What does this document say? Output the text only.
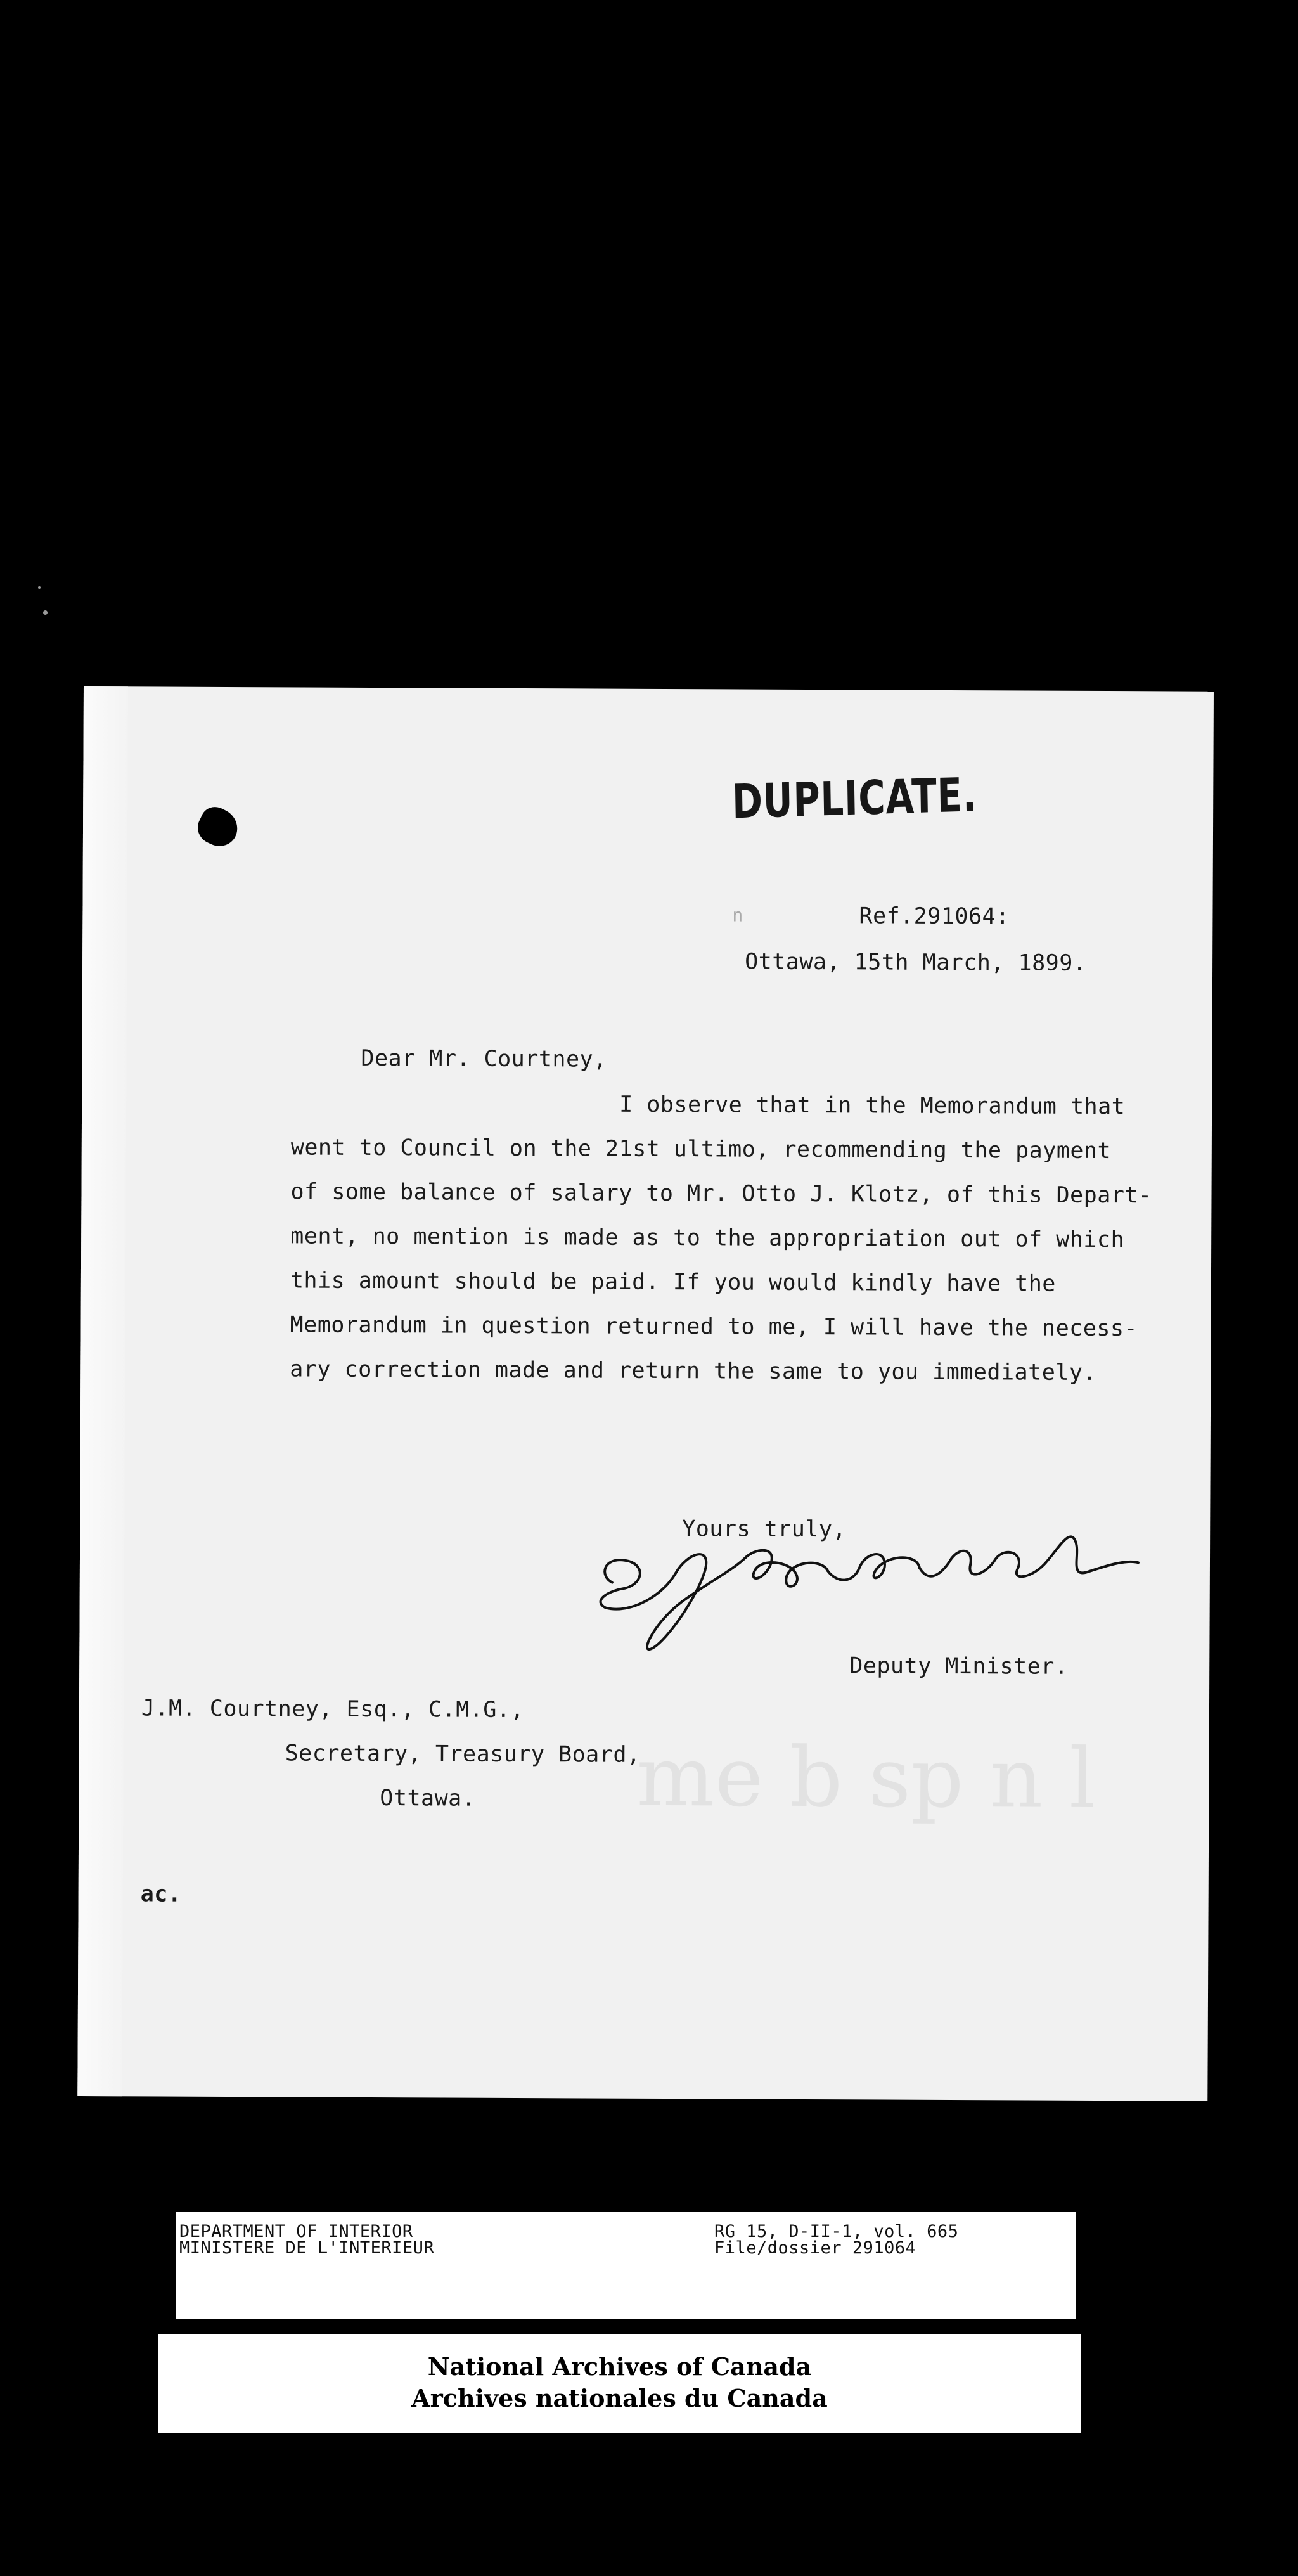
DUPLICATE.
n	Ref.291064:
Ottawa, 15th March, 1899.
Dear Mr. Courtney,
I observe that in the Memorandum that
went to Council on the 21st ultimo, recommending the payment
of some balance of salary to Mr. Otto J. Klotz, of this Depart-
ment, no mention is made as to the appropriation out of which
this amount should be paid. If you would kindly have the
Memorandum in question returned to me, I will have the necess-
ary correction made and return the same to you immediately.
Yours truly,
Deputy Minister.
me b sp n l
J.M. Courtney, Esq., C.M.G.,
Secretary, Treasury Board,
Ottawa.
ac.
DEPARTMENT OF INTERIOR
MINISTERE DE L'INTERIEUR
RG 15, D-II-1, vol. 665
File/dossier 291064
National Archives of Canada
Archives nationales du Canada
